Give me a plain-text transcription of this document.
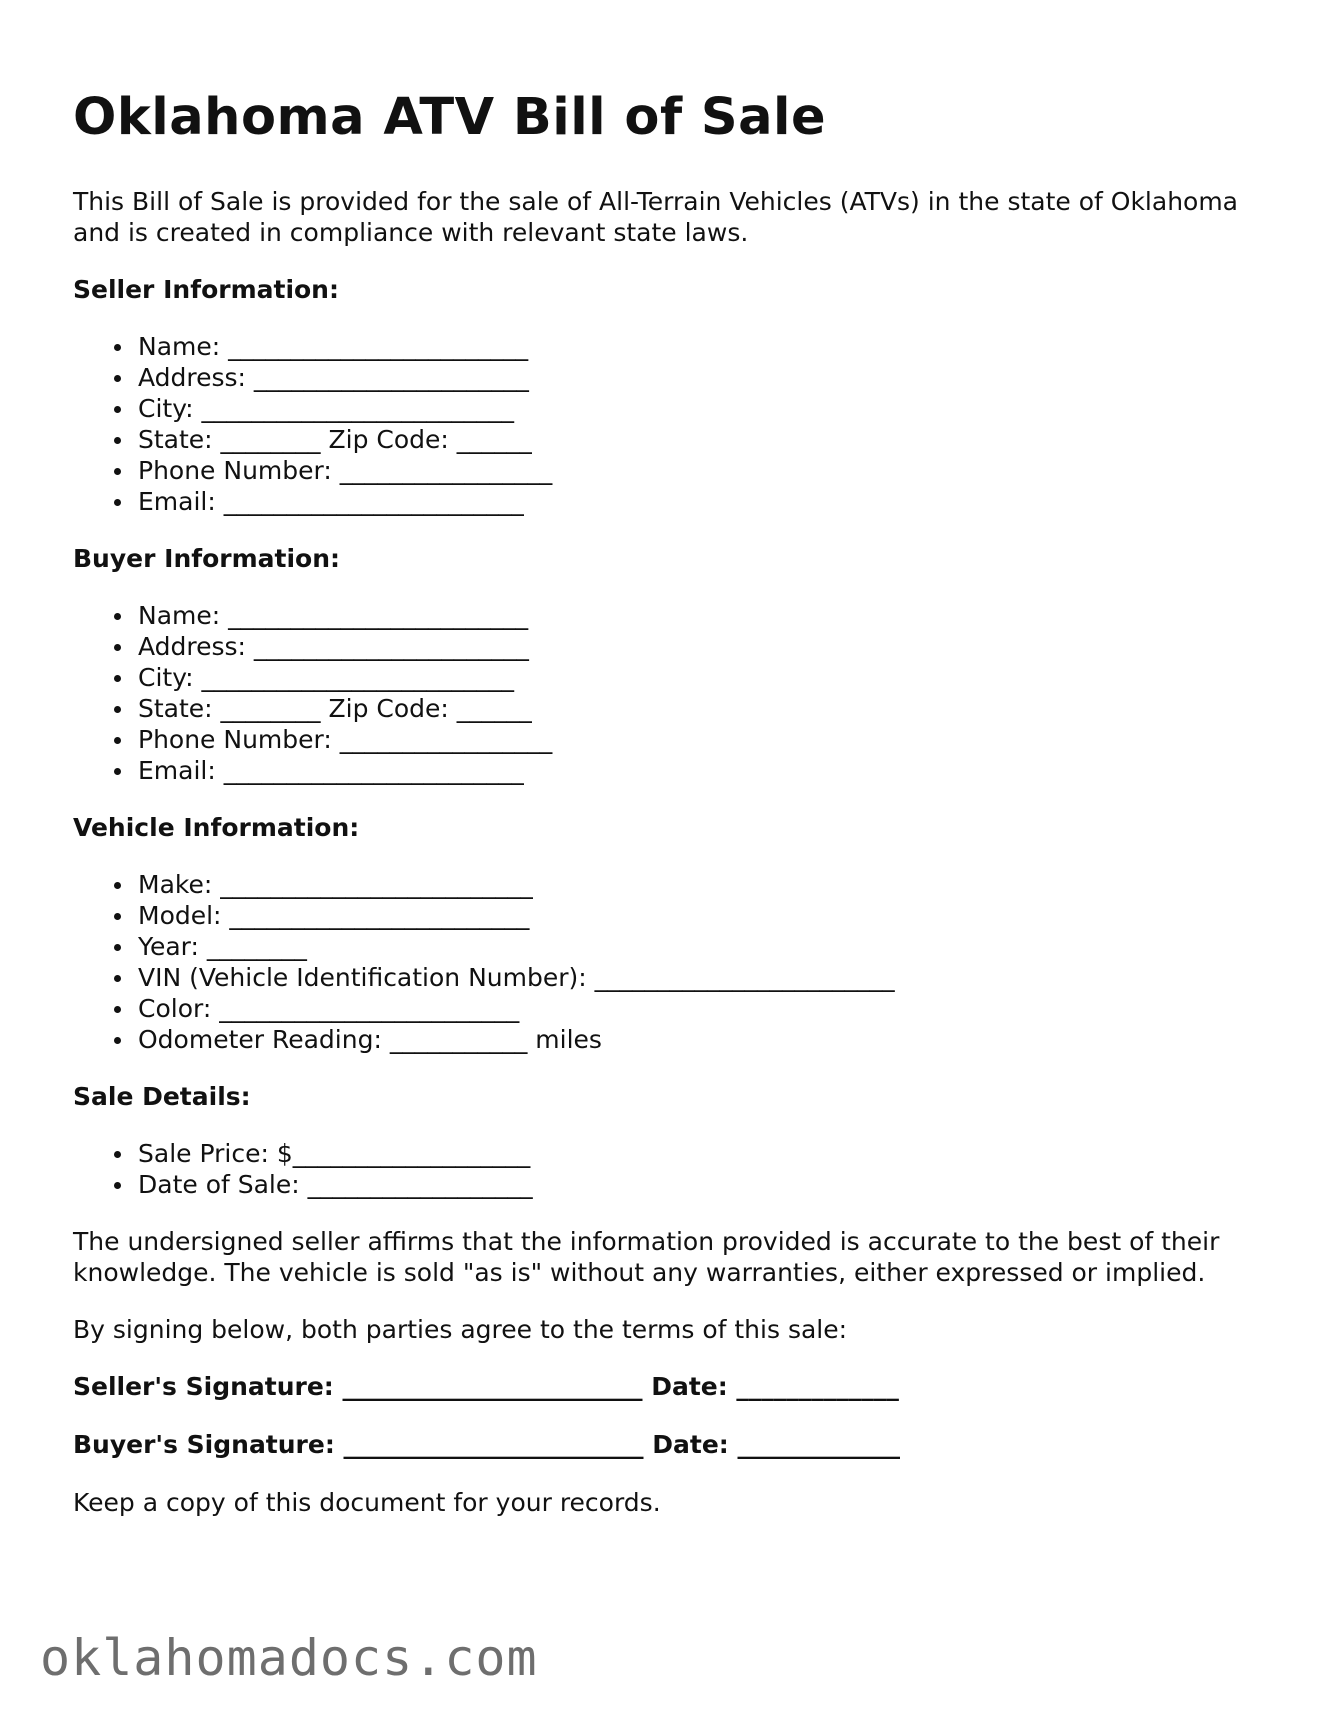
Oklahoma ATV Bill of Sale

This Bill of Sale is provided for the sale of All-Terrain Vehicles (ATVs) in the state of Oklahoma and is created in compliance with relevant state laws.

Seller Information:
Name: ________________________
Address: ______________________
City: _________________________
State: ________ Zip Code: ______
Phone Number: _________________
Email: ________________________
Buyer Information:
Name: ________________________
Address: ______________________
City: _________________________
State: ________ Zip Code: ______
Phone Number: _________________
Email: ________________________
Vehicle Information:
Make: _________________________
Model: ________________________
Year: ________
VIN (Vehicle Identification Number): ________________________
Color: ________________________
Odometer Reading: ___________ miles
Sale Details:
Sale Price: $___________________
Date of Sale: __________________

The undersigned seller affirms that the information provided is accurate to the best of their knowledge. The vehicle is sold "as is" without any warranties, either expressed or implied.

By signing below, both parties agree to the terms of this sale:

Seller's Signature: ________________________ Date: _____________
Buyer's Signature: ________________________ Date: _____________

Keep a copy of this document for your records.

oklahomadocs.com
